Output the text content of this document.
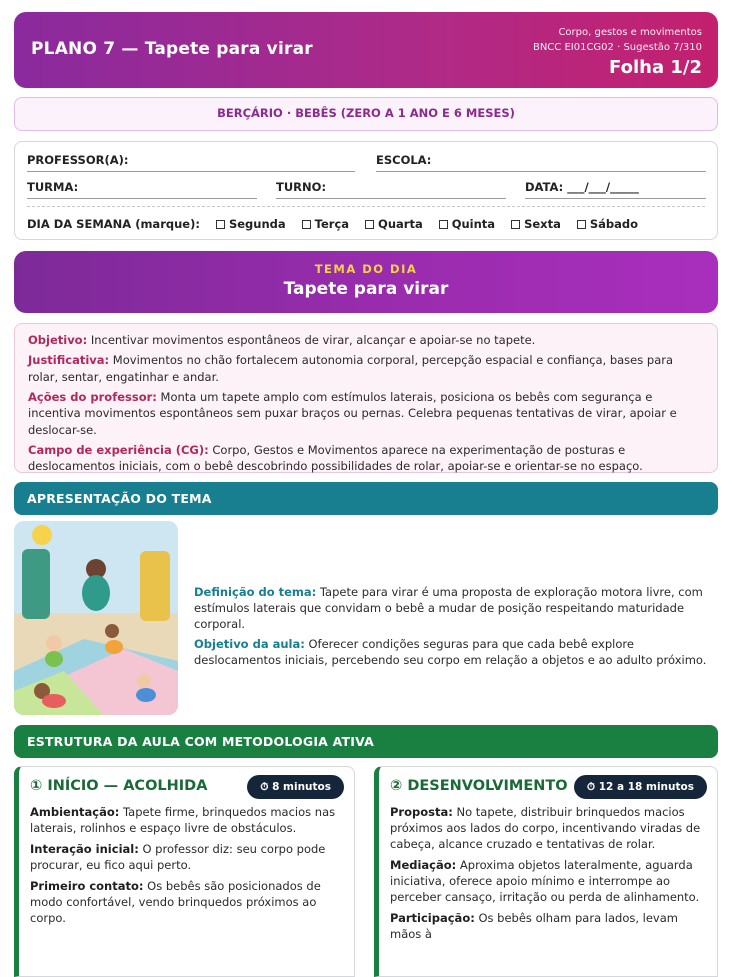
PLANO 7 — Tapete para virar
Corpo, gestos e movimentos
BNCC EI01CG02 · Sugestão 7/310
Folha 1/2
BERÇÁRIO · BEBÊS (ZERO A 1 ANO E 6 MESES)
PROFESSOR(A):	ESCOLA:
TURMA:	TURNO:	DATA: ___/___/_____
DIA DA SEMANA (marque):	Segunda	Terça	Quarta	Quinta	Sexta	Sábado
TEMA DO DIA
Tapete para virar

Objetivo: Incentivar movimentos espontâneos de virar, alcançar e apoiar-se no tapete.

Justificativa: Movimentos no chão fortalecem autonomia corporal, percepção espacial e confiança, bases para rolar, sentar, engatinhar e andar.

Ações do professor: Monta um tapete amplo com estímulos laterais, posiciona os bebês com segurança e incentiva movimentos espontâneos sem puxar braços ou pernas. Celebra pequenas tentativas de virar, apoiar e deslocar-se.

Campo de experiência (CG): Corpo, Gestos e Movimentos aparece na experimentação de posturas e deslocamentos iniciais, com o bebê descobrindo possibilidades de rolar, apoiar-se e orientar-se no espaço.

APRESENTAÇÃO DO TEMA

Definição do tema: Tapete para virar é uma proposta de exploração motora livre, com estímulos laterais que convidam o bebê a mudar de posição respeitando maturidade corporal.

Objetivo da aula: Oferecer condições seguras para que cada bebê explore deslocamentos iniciais, percebendo seu corpo em relação a objetos e ao adulto próximo.

ESTRUTURA DA AULA COM METODOLOGIA ATIVA
① INÍCIO — ACOLHIDA	⏱ 8 minutos

Ambientação: Tapete firme, brinquedos macios nas laterais, rolinhos e espaço livre de obstáculos.

Interação inicial: O professor diz: seu corpo pode procurar, eu fico aqui perto.

Primeiro contato: Os bebês são posicionados de modo confortável, vendo brinquedos próximos ao corpo.

② DESENVOLVIMENTO	⏱ 12 a 18 minutos

Proposta: No tapete, distribuir brinquedos macios próximos aos lados do corpo, incentivando viradas de cabeça, alcance cruzado e tentativas de rolar.

Mediação: Aproxima objetos lateralmente, aguarda iniciativa, oferece apoio mínimo e interrompe ao perceber cansaço, irritação ou perda de alinhamento.

Participação: Os bebês olham para lados, levam mãos à
